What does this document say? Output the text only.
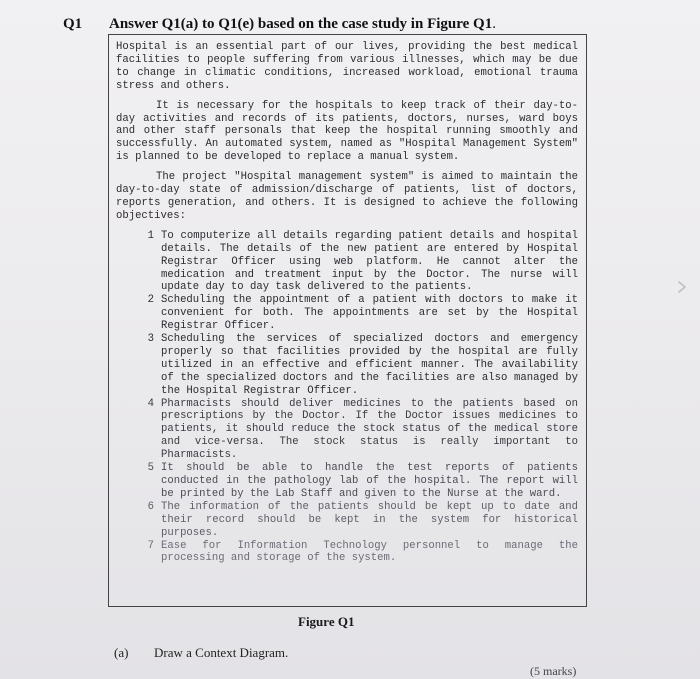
Q1 Answer Q1(a) to Q1(e) based on the case study in Figure Q1.

Hospital is an essential part of our lives, providing the best medical facilities to people suffering from various illnesses, which may be due to change in climatic conditions, increased workload, emotional trauma stress and others.

It is necessary for the hospitals to keep track of their day-to-day activities and records of its patients, doctors, nurses, ward boys and other staff personals that keep the hospital running smoothly and successfully. An automated system, named as "Hospital Management System" is planned to be developed to replace a manual system.

The project "Hospital management system" is aimed to maintain the day-to-day state of admission/discharge of patients, list of doctors, reports generation, and others. It is designed to achieve the following objectives:

1 To computerize all details regarding patient details and hospital details. The details of the new patient are entered by Hospital Registrar Officer using web platform. He cannot alter the medication and treatment input by the Doctor. The nurse will update day to day task delivered to the patients.
2 Scheduling the appointment of a patient with doctors to make it convenient for both. The appointments are set by the Hospital Registrar Officer.
3 Scheduling the services of specialized doctors and emergency properly so that facilities provided by the hospital are fully utilized in an effective and efficient manner. The availability of the specialized doctors and the facilities are also managed by the Hospital Registrar Officer.
4 Pharmacists should deliver medicines to the patients based on prescriptions by the Doctor. If the Doctor issues medicines to patients, it should reduce the stock status of the medical store and vice-versa. The stock status is really important to Pharmacists.
5 It should be able to handle the test reports of patients conducted in the pathology lab of the hospital. The report will be printed by the Lab Staff and given to the Nurse at the ward.
6 The information of the patients should be kept up to date and their record should be kept in the system for historical purposes.
7 Ease for Information Technology personnel to manage the processing and storage of the system.
Figure Q1
(a) Draw a Context Diagram.
(5 marks)
